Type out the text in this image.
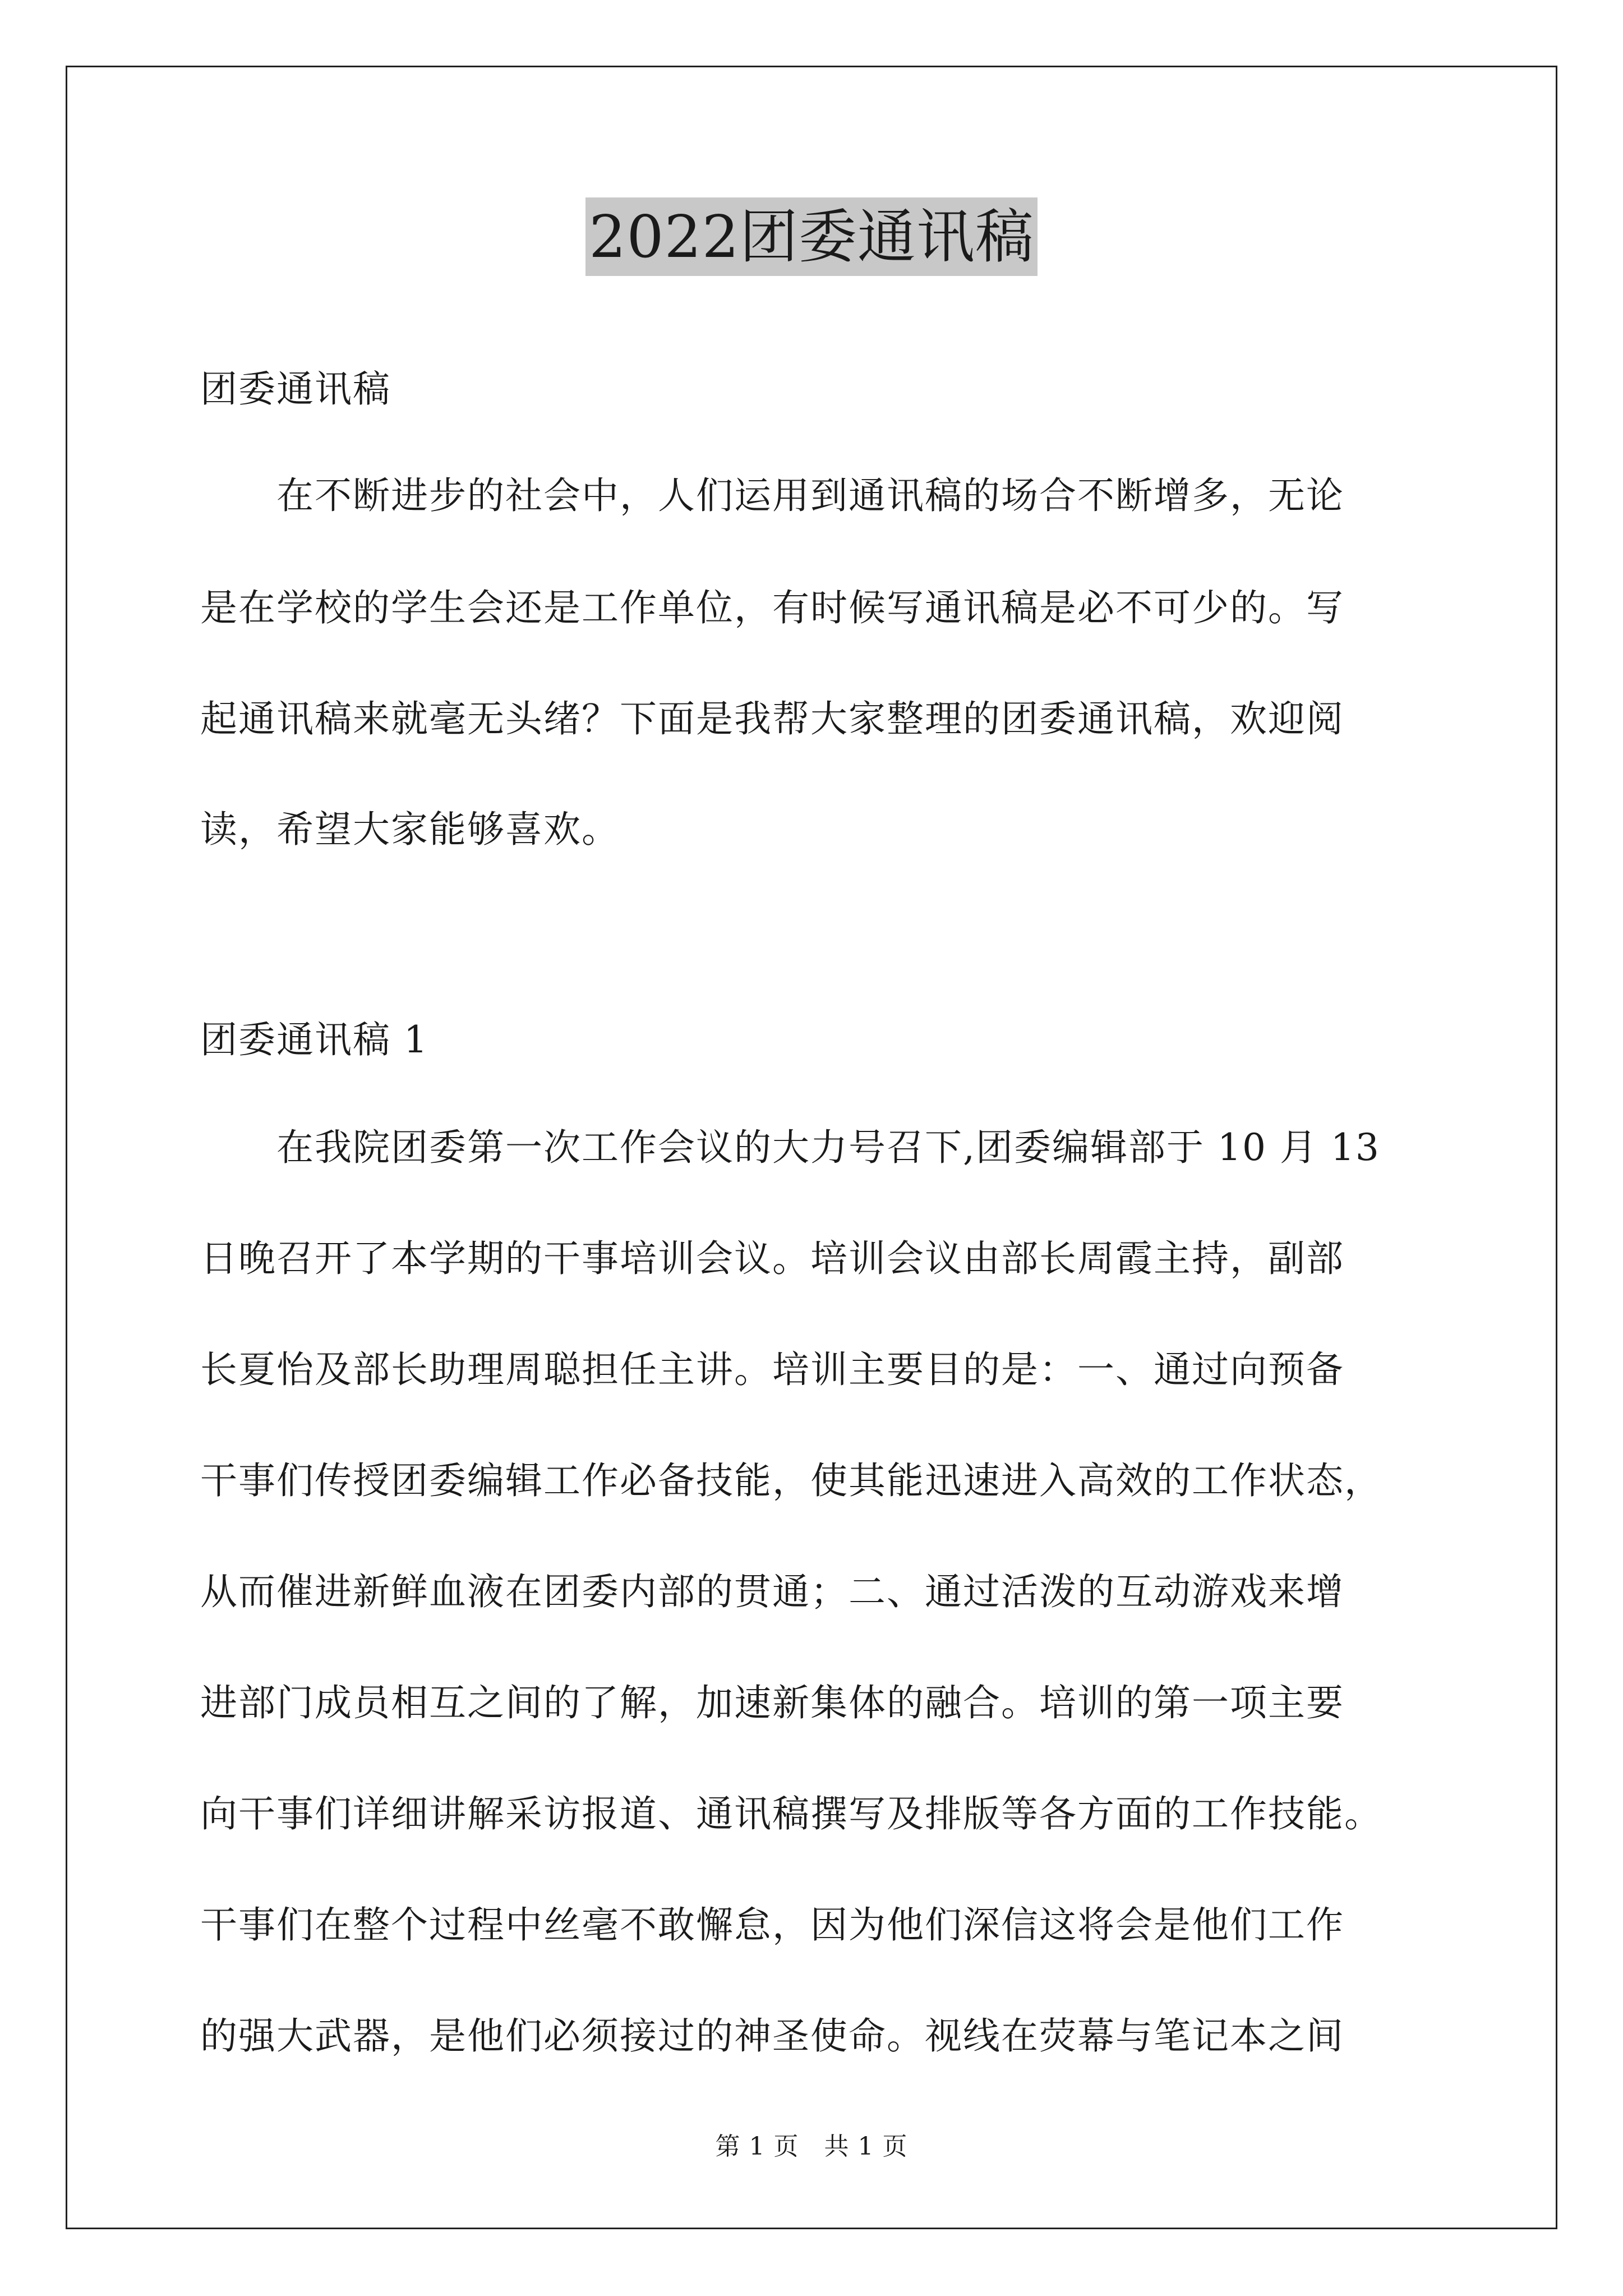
2022团委通讯稿
团委通讯稿
　　在不断进步的社会中，人们运用到通讯稿的场合不断增多，无论
是在学校的学生会还是工作单位，有时候写通讯稿是必不可少的。写
起通讯稿来就毫无头绪？下面是我帮大家整理的团委通讯稿，欢迎阅
读，希望大家能够喜欢。
团委通讯稿 1
　　在我院团委第一次工作会议的大力号召下,团委编辑部于 10 月 13
日晚召开了本学期的干事培训会议。培训会议由部长周霞主持，副部
长夏怡及部长助理周聪担任主讲。培训主要目的是：一、通过向预备
干事们传授团委编辑工作必备技能，使其能迅速进入高效的工作状态，
从而催进新鲜血液在团委内部的贯通；二、通过活泼的互动游戏来增
进部门成员相互之间的了解，加速新集体的融合。培训的第一项主要
向干事们详细讲解采访报道、通讯稿撰写及排版等各方面的工作技能。
干事们在整个过程中丝毫不敢懈怠，因为他们深信这将会是他们工作
的强大武器，是他们必须接过的神圣使命。视线在荧幕与笔记本之间
第 1 页　共 1 页
